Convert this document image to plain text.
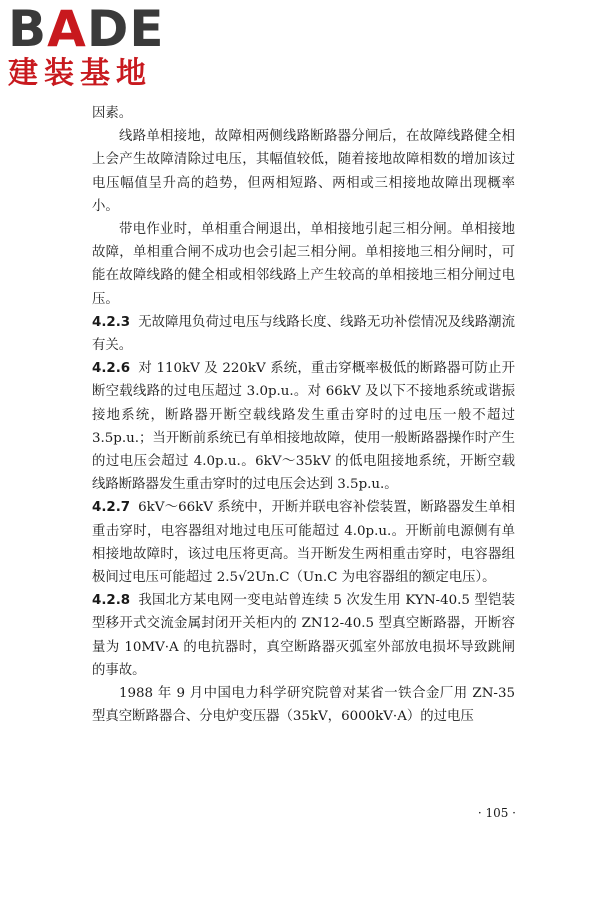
BADE
建装基地

因素。

线路单相接地，故障相两侧线路断路器分闸后，在故障线路健全相上会产生故障清除过电压，其幅值较低，随着接地故障相数的增加该过电压幅值呈升高的趋势，但两相短路、两相或三相接地故障出现概率小。

带电作业时，单相重合闸退出，单相接地引起三相分闸。单相接地故障，单相重合闸不成功也会引起三相分闸。单相接地三相分闸时，可能在故障线路的健全相或相邻线路上产生较高的单相接地三相分闸过电压。

4.2.3 无故障甩负荷过电压与线路长度、线路无功补偿情况及线路潮流有关。

4.2.6 对 110kV 及 220kV 系统，重击穿概率极低的断路器可防止开断空载线路的过电压超过 3.0p.u.。对 66kV 及以下不接地系统或谐振接地系统，断路器开断空载线路发生重击穿时的过电压一般不超过 3.5p.u.；当开断前系统已有单相接地故障，使用一般断路器操作时产生的过电压会超过 4.0p.u.。6kV～35kV 的低电阻接地系统，开断空载线路断路器发生重击穿时的过电压会达到 3.5p.u.。

4.2.7 6kV～66kV 系统中，开断并联电容补偿装置，断路器发生单相重击穿时，电容器组对地过电压可能超过 4.0p.u.。开断前电源侧有单相接地故障时，该过电压将更高。当开断发生两相重击穿时，电容器组极间过电压可能超过 2.5√2Un.C（Un.C 为电容器组的额定电压）。

4.2.8 我国北方某电网一变电站曾连续 5 次发生用 KYN-40.5 型铠装型移开式交流金属封闭开关柜内的 ZN12-40.5 型真空断路器，开断容量为 10MV·A 的电抗器时，真空断路器灭弧室外部放电损坏导致跳闸的事故。

1988 年 9 月中国电力科学研究院曾对某省一铁合金厂用 ZN-35 型真空断路器合、分电炉变压器（35kV，6000kV·A）的过电压

· 105 ·
